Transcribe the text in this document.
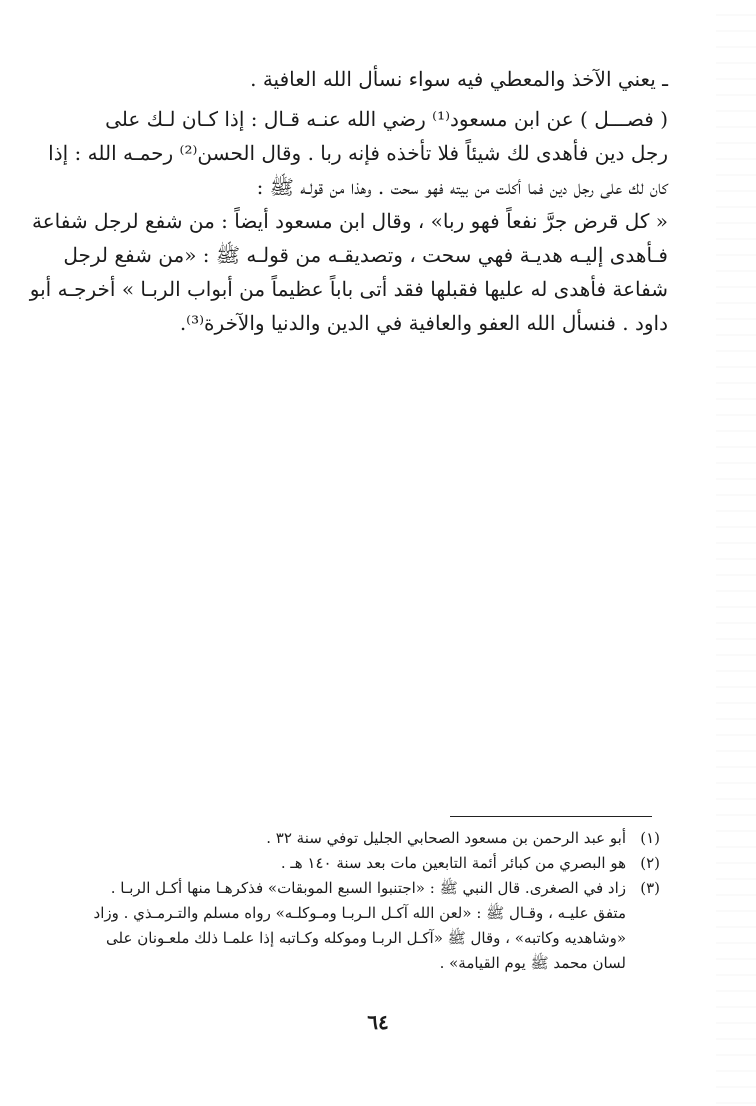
ـ يعني الآخذ والمعطي فيه سواء نسأل الله العافية .
( فصـــل ) عن ابن مسعود⁽¹⁾ رضي الله عنـه قـال : إذا كـان لـك على
رجل دين فأهدى لك شيئاً فلا تأخذه فإنه ربا . وقال الحسن⁽²⁾ رحمـه الله : إذا
كان لك على رجل دين فما أكلت من بيته فهو سحت . وهذا من قولـه ﷺ :
« كل قرض جرَّ نفعاً فهو ربا» ، وقال ابن مسعود أيضاً : من شفع لرجل شفاعة
فـأهدى إليـه هديـة فهي سحت ، وتصديقـه من قولـه ﷺ : «من شفع لرجل
شفاعة فأهدى له عليها فقبلها فقد أتى باباً عظيماً من أبواب الربـا » أخرجـه أبو
داود . فنسأل الله العفو والعافية في الدين والدنيا والآخرة⁽³⁾.
(١)
أبو عبد الرحمن بن مسعود الصحابي الجليل توفي سنة ٣٢ .
(٢)
هو البصري من كبائر أئمة التابعين مات بعد سنة ١٤٠ هـ .
(٣)
زاد في الصغرى. قال النبي ﷺ : «اجتنبوا السبع الموبقات» فذكرهـا منها أكـل الربـا .
متفق عليـه ، وقـال ﷺ : «لعن الله آكـل الـربـا ومـوكلـه» رواه مسلم والتـرمـذي . وزاد
«وشاهديه وكاتبه» ، وقال ﷺ «آكـل الربـا وموكله وكـاتبه إذا علمـا ذلك ملعـونان على
لسان محمد ﷺ يوم القيامة» .
٦٤
